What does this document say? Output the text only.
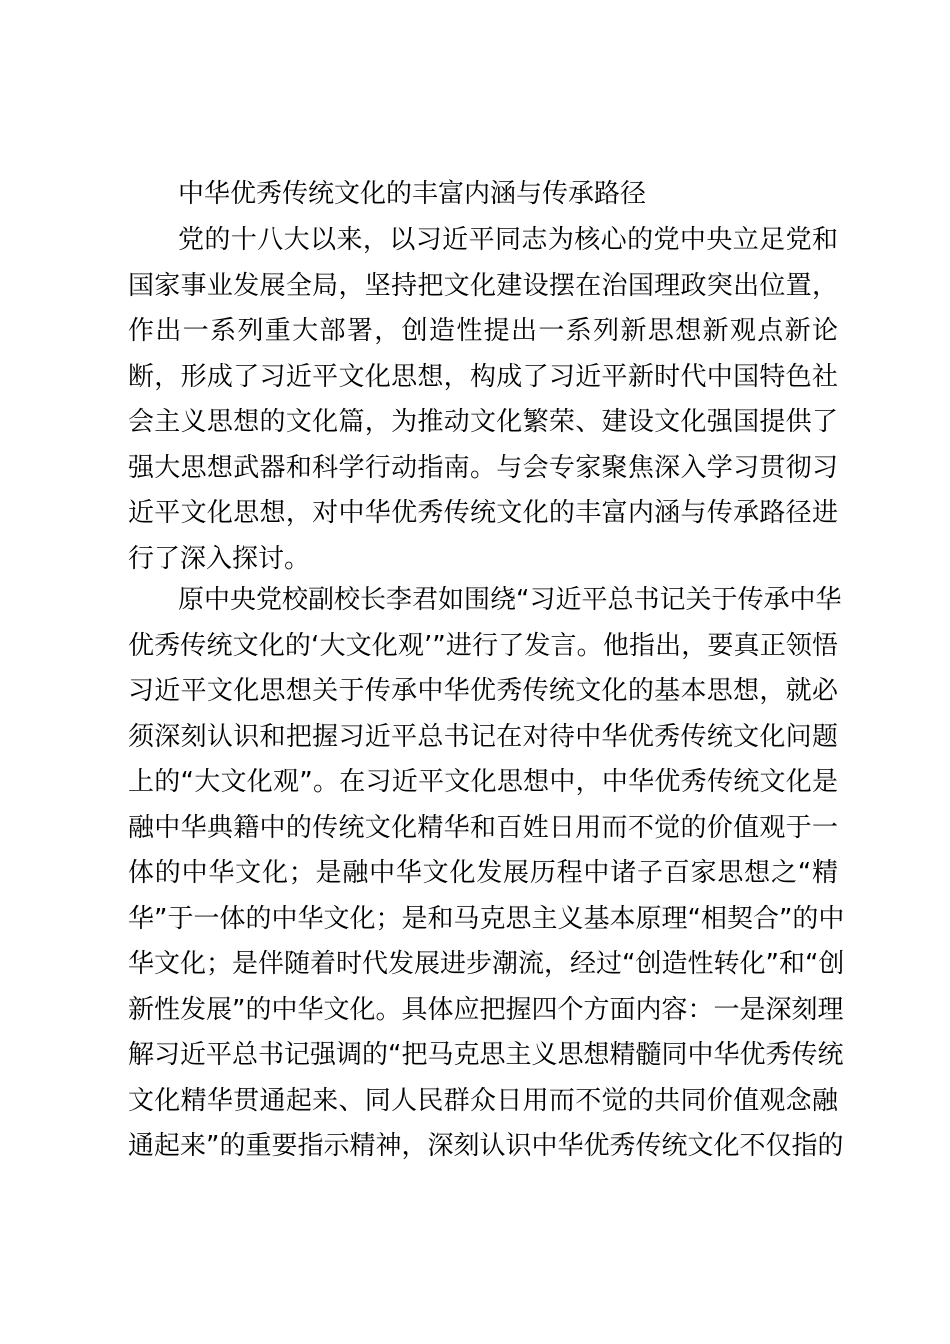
中华优秀传统文化的丰富内涵与传承路径
党的十八大以来，以习近平同志为核心的党中央立足党和
国家事业发展全局，坚持把文化建设摆在治国理政突出位置，
作出一系列重大部署，创造性提出一系列新思想新观点新论
断，形成了习近平文化思想，构成了习近平新时代中国特色社
会主义思想的文化篇，为推动文化繁荣、建设文化强国提供了
强大思想武器和科学行动指南。与会专家聚焦深入学习贯彻习
近平文化思想，对中华优秀传统文化的丰富内涵与传承路径进
行了深入探讨。
原中央党校副校长李君如围绕“习近平总书记关于传承中华
优秀传统文化的‘大文化观’”进行了发言。他指出，要真正领悟
习近平文化思想关于传承中华优秀传统文化的基本思想，就必
须深刻认识和把握习近平总书记在对待中华优秀传统文化问题
上的“大文化观”。在习近平文化思想中，中华优秀传统文化是
融中华典籍中的传统文化精华和百姓日用而不觉的价值观于一
体的中华文化；是融中华文化发展历程中诸子百家思想之“精
华”于一体的中华文化；是和马克思主义基本原理“相契合”的中
华文化；是伴随着时代发展进步潮流，经过“创造性转化”和“创
新性发展”的中华文化。具体应把握四个方面内容：一是深刻理
解习近平总书记强调的“把马克思主义思想精髓同中华优秀传统
文化精华贯通起来、同人民群众日用而不觉的共同价值观念融
通起来”的重要指示精神，深刻认识中华优秀传统文化不仅指的
